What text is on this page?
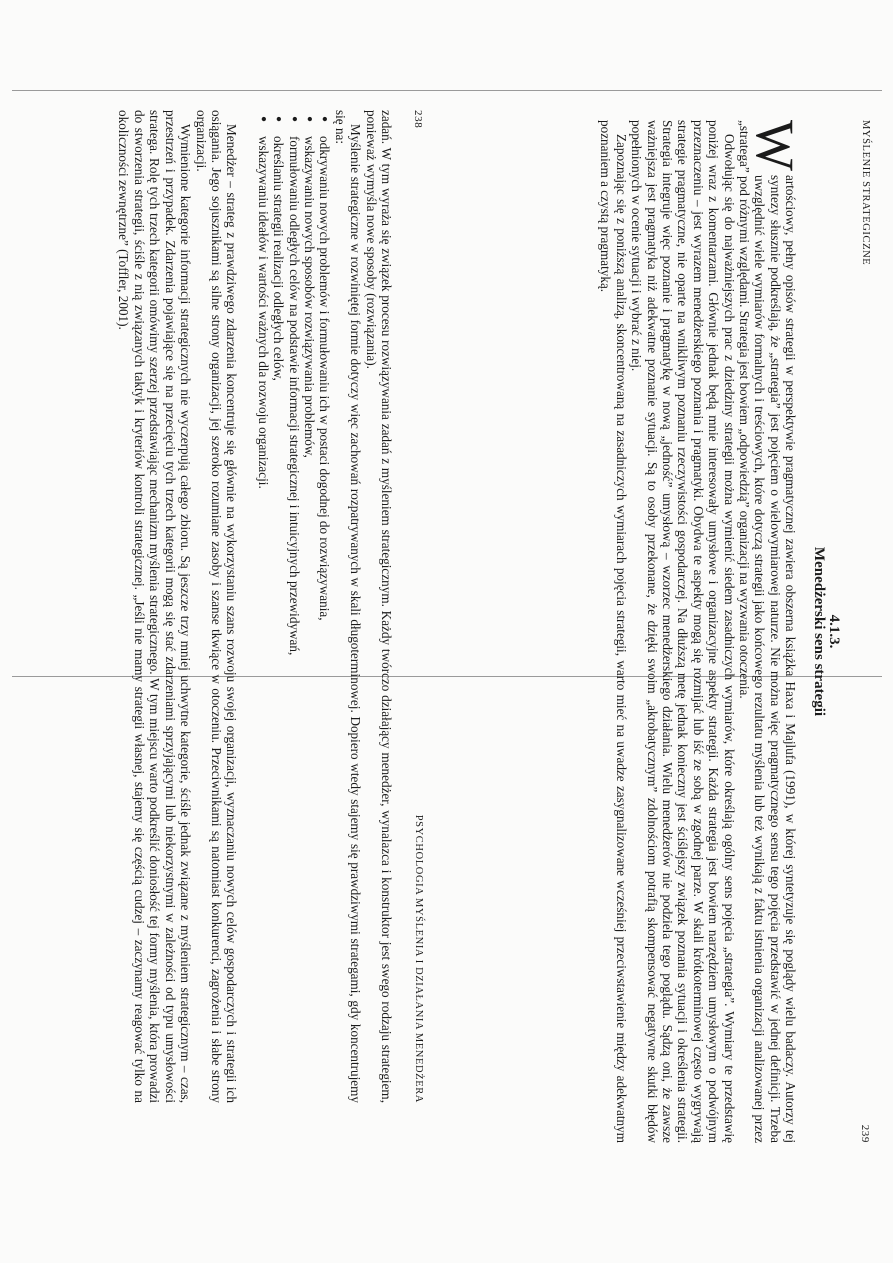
238
PSYCHOLOGIA MYŚLENIA I DZIAŁANIA MENEDŻERA

zadań. W tym wyraża się związek procesu rozwiązywania zadań z myśleniem strategicznym. Każdy twórczo działający menedżer, wynalazca i konstruktor jest swego rodzaju strategiem, ponieważ wymyśla nowe sposoby (rozwiązania).

Myślenie strategiczne w rozwiniętej formie dotyczy więc zachowań rozpatrywanych w skali długoterminowej. Dopiero wtedy stajemy się prawdziwymi strategami, gdy koncentrujemy się na:

● odkrywaniu nowych problemów i formułowaniu ich w postaci dogodnej do rozwiązywania,
● wskazywaniu nowych sposobów rozwiązywania problemów,
● formułowaniu odległych celów na podstawie informacji strategicznej i intuicyjnych przewidywań,
● określaniu strategii realizacji odległych celów,
● wskazywaniu ideałów i wartości ważnych dla rozwoju organizacji.

Menedżer – strateg z prawdziwego zdarzenia koncentruje się głównie na wykorzystaniu szans rozwoju swojej organizacji, wyznaczaniu nowych celów gospodarczych i strategii ich osiągania. Jego sojusznikami są silne strony organizacji, jej szeroko rozumiane zasoby i szanse tkwiące w otoczeniu. Przeciwnikami są natomiast konkurenci, zagrożenia i słabe strony organizacji.

Wymienione kategorie informacji strategicznych nie wyczerpują całego zbioru. Są jeszcze trzy mniej uchwytne kategorie, ściśle jednak związane z myśleniem strategicznym – czas, przestrzeń i przypadek. Zdarzenia pojawiające się na przecięciu tych trzech kategorii mogą się stać zdarzeniami sprzyjającymi lub niekorzystnymi w zależności od typu umysłowości stratega. Rolę tych trzech kategorii omówimy szerzej przedstawiając mechanizm myślenia strategicznego. W tym miejscu warto podkreślić doniosłość tej formy myślenia, która prowadzi do stworzenia strategii, ściśle z nią związanych taktyk i kryteriów kontroli strategicznej. „Jeśli nie mamy strategii własnej, stajemy się częścią cudzej – zaczynamy reagować tylko na okoliczności zewnętrzne” (Toffler, 2001).	MYŚLENIE STRATEGICZNE
239
4.1.3.
Menedżerski sens strategii

W
artościowy, pełny opisów strategii w perspektywie pragmatycznej zawiera obszerna książka Haxa i Majlufa (1991), w której syntetyzuje się poglądy wielu badaczy. Autorzy tej syntezy słusznie podkreślają, że „strategia” jest pojęciem o wielowymiarowej naturze. Nie można więc pragmatycznego sensu tego pojęcia przedstawić w jednej definicji. Trzeba uwzględnić wiele wymiarów formalnych i treściowych, które dotyczą strategii jako końcowego rezultatu myślenia lub też wynikają z faktu istnienia organizacji analizowanej przez „stratega” pod różnymi względami. Strategia jest bowiem „odpowiedzią” organizacji na wyzwania otoczenia.

Odwołując się do najważniejszych prac z dziedziny strategii można wymienić siedem zasadniczych wymiarów, które określają ogólny sens pojęcia „strategia”. Wymiary te przedstawię poniżej wraz z komentarzami. Głównie jednak będą mnie interesowały umysłowe i organizacyjne aspekty strategii. Każda strategia jest bowiem narzędziem umysłowym o podwójnym przeznaczeniu – jest wyrazem menedżerskiego poznania i pragmatyki. Obydwa te aspekty mogą się rozmijać lub iść ze sobą w zgodnej parze. W skali krótkoterminowej często wygrywają strategie pragmatyczne, nie oparte na wnikliwym poznaniu rzeczywistości gospodarczej. Na dłuższą metę jednak konieczny jest ściślejszy związek poznania sytuacji i określenia strategii. Strategia integruje więc poznanie i pragmatykę w nową „jedność” umysłową – wzorzec menedżerskiego działania. Wielu menedżerów nie podziela tego poglądu. Sądzą oni, że zawsze ważniejsza jest pragmatyka niż adekwatne poznanie sytuacji. Są to osoby przekonane, że dzięki swoim „akrobatycznym” zdolnościom potrafią skompensować negatywne skutki błędów popełnionych w ocenie sytuacji i wybrać z niej.

Zapoznając się z poniższą analizą, skoncentrowaną na zasadniczych wymiarach pojęcia strategii, warto mieć na uwadze zasygnalizowane wcześniej przeciwstawienie między adekwatnym poznaniem a czystą pragmatyką.
